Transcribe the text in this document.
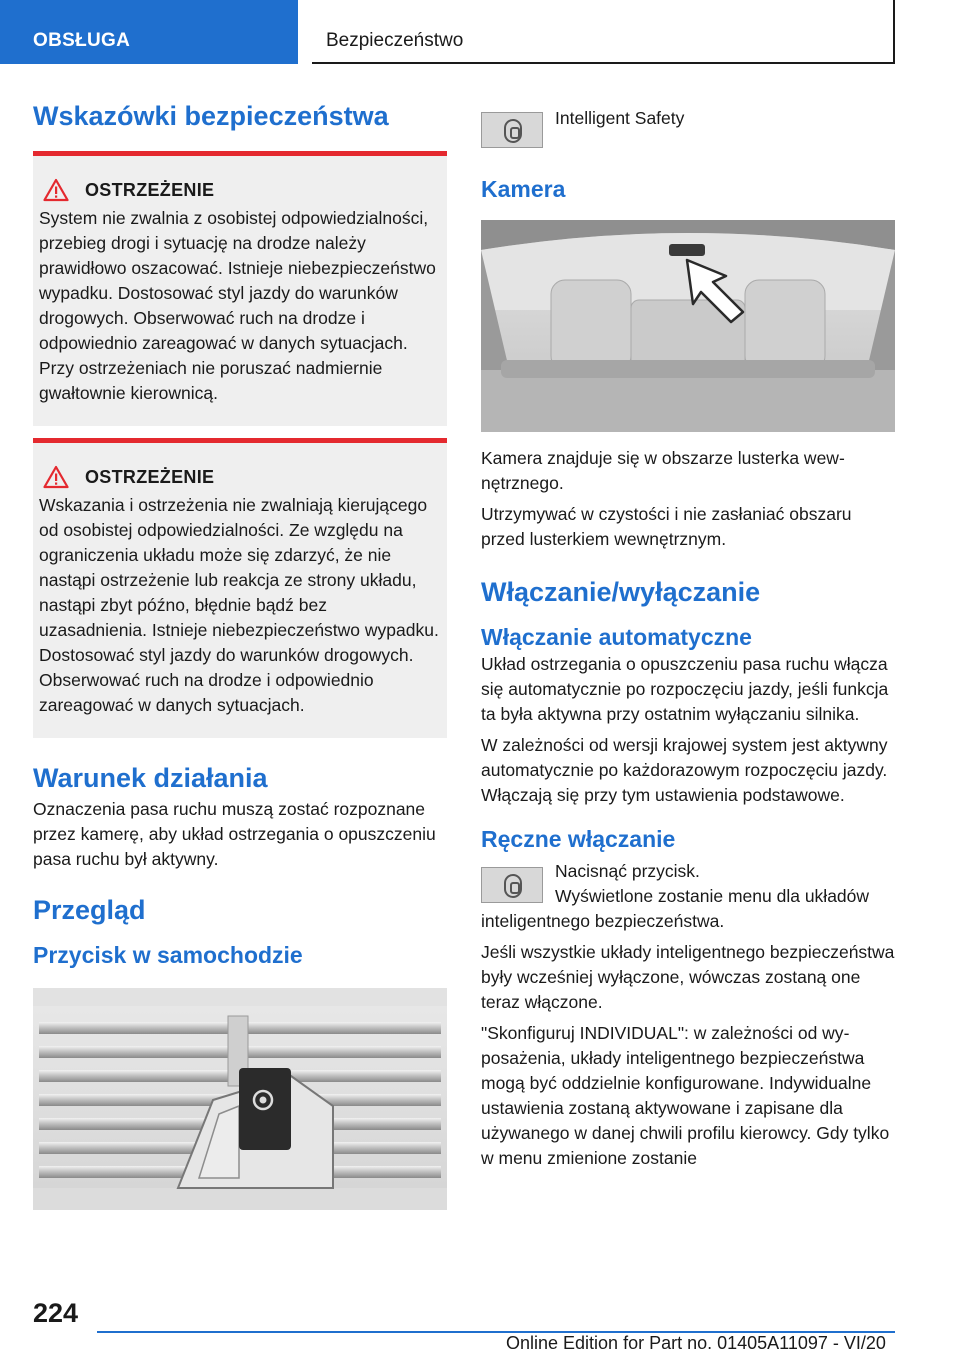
OBSŁUGA	Bezpieczeństwo
Wskazówki bezpieczeństwa
OSTRZEŻENIE

System nie zwalnia z osobistej odpowiedzialności, przebieg drogi i sytuację na drodze należy prawidłowo oszacować. Istnieje niebezpieczeństwo wypadku. Dostosować styl jazdy do warunków drogowych. Obserwować ruch na drodze i odpowiednio zareagować w danych sytuacjach. Przy ostrzeżeniach nie poruszać nadmiernie gwałtownie kierownicą.

OSTRZEŻENIE

Wskazania i ostrzeżenia nie zwalniają kierującego od osobistej odpowiedzialności. Ze względu na ograniczenia układu może się zdarzyć, że nie nastąpi ostrzeżenie lub reakcja ze strony układu, nastąpi zbyt późno, błędnie bądź bez uzasadnienia. Istnieje niebezpieczeństwo wypadku. Dostosować styl jazdy do warunków drogowych. Obserwować ruch na drodze i odpowiednio zareagować w danych sytuacjach.

Warunek działania

Oznaczenia pasa ruchu muszą zostać rozpoznane przez kamerę, aby układ ostrzegania o opuszczeniu pasa ruchu był aktywny.

Przegląd
Przycisk w samochodzie

Intelligent Safety

Kamera

Kamera znajduje się w obszarze lusterka wewnętrznego.

Utrzymywać w czystości i nie zasłaniać obszaru przed lusterkiem wewnętrznym.

Włączanie/wyłączanie
Włączanie automatyczne

Układ ostrzegania o opuszczeniu pasa ruchu włącza się automatycznie po rozpoczęciu jazdy, jeśli funkcja ta była aktywna przy ostatnim wyłączaniu silnika.

W zależności od wersji krajowej system jest aktywny automatycznie po każdorazowym rozpoczęciu jazdy. Włączają się przy tym ustawienia podstawowe.

Ręczne włączanie

Nacisnąć przycisk.

Wyświetlone zostanie menu dla układów inteligentnego bezpieczeństwa.

Jeśli wszystkie układy inteligentnego bezpieczeństwa były wcześniej wyłączone, wówczas zostaną one teraz włączone.

"Skonfiguruj INDIVIDUAL": w zależności od wyposażenia, układy inteligentnego bezpieczeństwa mogą być oddzielnie konfigurowane. Indywidualne ustawienia zostaną aktywowane i zapisane dla używanego w danej chwili profilu kierowcy. Gdy tylko w menu zmienione zostanie

224
Online Edition for Part no. 01405A11097 - VI/20
